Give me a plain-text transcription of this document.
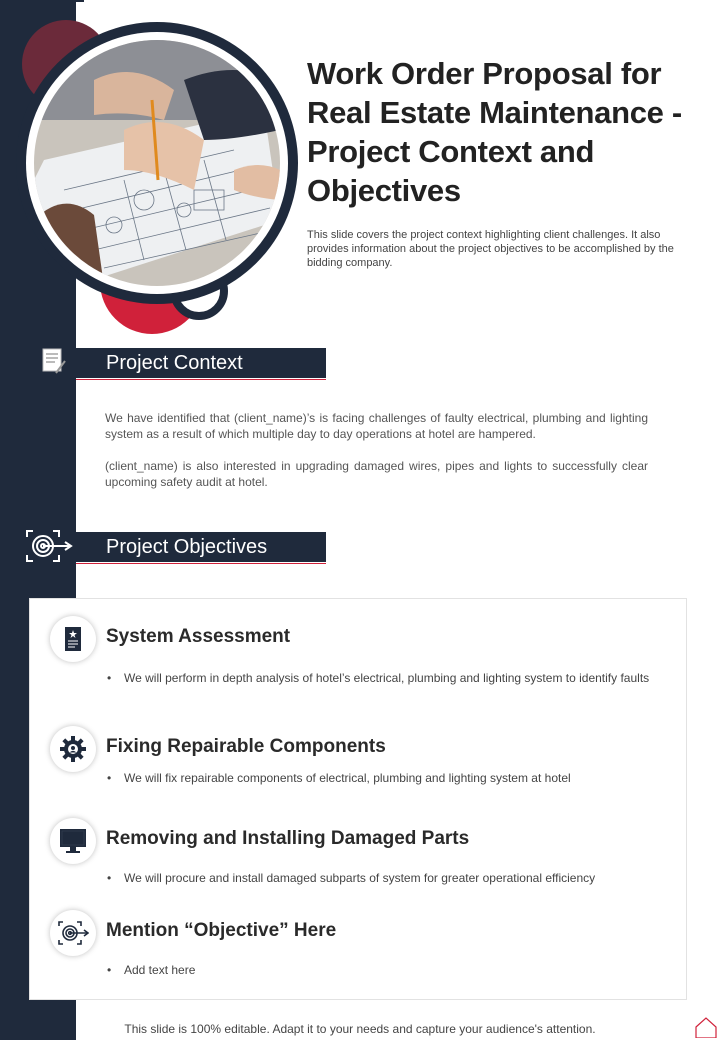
Work Order Proposal for Real Estate Maintenance - Project Context and Objectives
This slide covers the project context highlighting client challenges. It also provides information about the project objectives to be accomplished by the bidding company.
Project Context
We have identified that (client_name)’s is facing challenges of faulty electrical, plumbing and lighting system as a result of which multiple day to day operations at hotel are hampered.
(client_name) is also interested in upgrading damaged wires, pipes and lights to successfully clear upcoming safety audit at hotel.
Project Objectives
System Assessment
• We will perform in depth analysis of hotel’s electrical, plumbing and lighting system to identify faults
Fixing Repairable Components
• We will fix repairable components of electrical, plumbing and lighting system at hotel
Removing and Installing Damaged Parts
• We will procure and install damaged subparts of system for greater operational efficiency
Mention “Objective” Here
• Add text here
This slide is 100% editable. Adapt it to your needs and capture your audience's attention.
